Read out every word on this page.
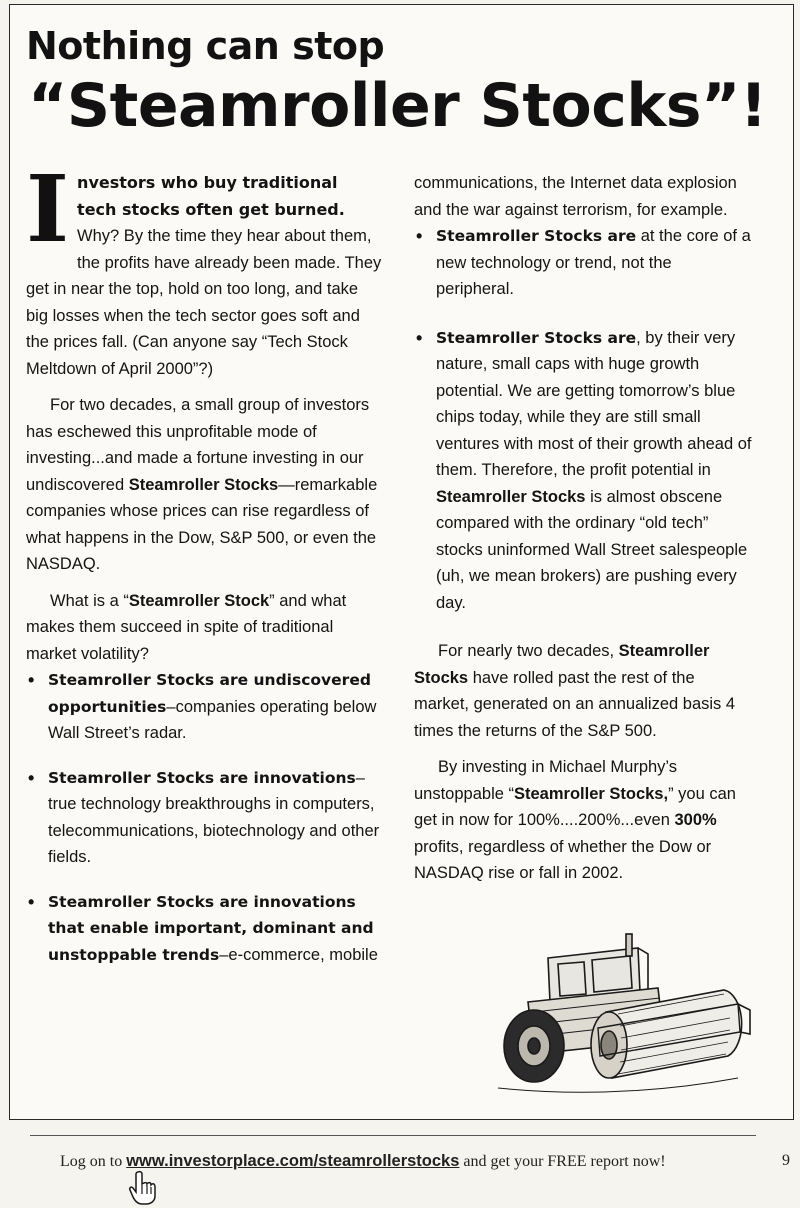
Nothing can stop
“Steamroller Stocks”!

Investors who buy traditional tech stocks often get burned. Why? By the time they hear about them, the profits have already been made. They get in near the top, hold on too long, and take big losses when the tech sector goes soft and the prices fall. (Can anyone say “Tech Stock Meltdown of April 2000”?)

For two decades, a small group of investors has eschewed this unprofitable mode of investing...and made a fortune investing in our undiscovered Steamroller Stocks—remarkable companies whose prices can rise regardless of what happens in the Dow, S&P 500, or even the NASDAQ.

What is a “Steamroller Stock” and what makes them succeed in spite of traditional market volatility?

• Steamroller Stocks are undiscovered opportunities–companies operating below Wall Street’s radar.
• Steamroller Stocks are innovations–true technology breakthroughs in computers, telecommunications, biotechnology and other fields.
• Steamroller Stocks are innovations that enable important, dominant and unstoppable trends–e-commerce, mobile

communications, the Internet data explosion and the war against terrorism, for example.

• Steamroller Stocks are at the core of a new technology or trend, not the peripheral.
• Steamroller Stocks are, by their very nature, small caps with huge growth potential. We are getting tomorrow’s blue chips today, while they are still small ventures with most of their growth ahead of them. Therefore, the profit potential in Steamroller Stocks is almost obscene compared with the ordinary “old tech” stocks uninformed Wall Street salespeople (uh, we mean brokers) are pushing every day.

For nearly two decades, Steamroller Stocks have rolled past the rest of the market, generated on an annualized basis 4 times the returns of the S&P 500.

By investing in Michael Murphy’s unstoppable “Steamroller Stocks,” you can get in now for 100%....200%...even 300% profits, regardless of whether the Dow or NASDAQ rise or fall in 2002.

Log on to www.investorplace.com/steamrollerstocks and get your FREE report now!	9
